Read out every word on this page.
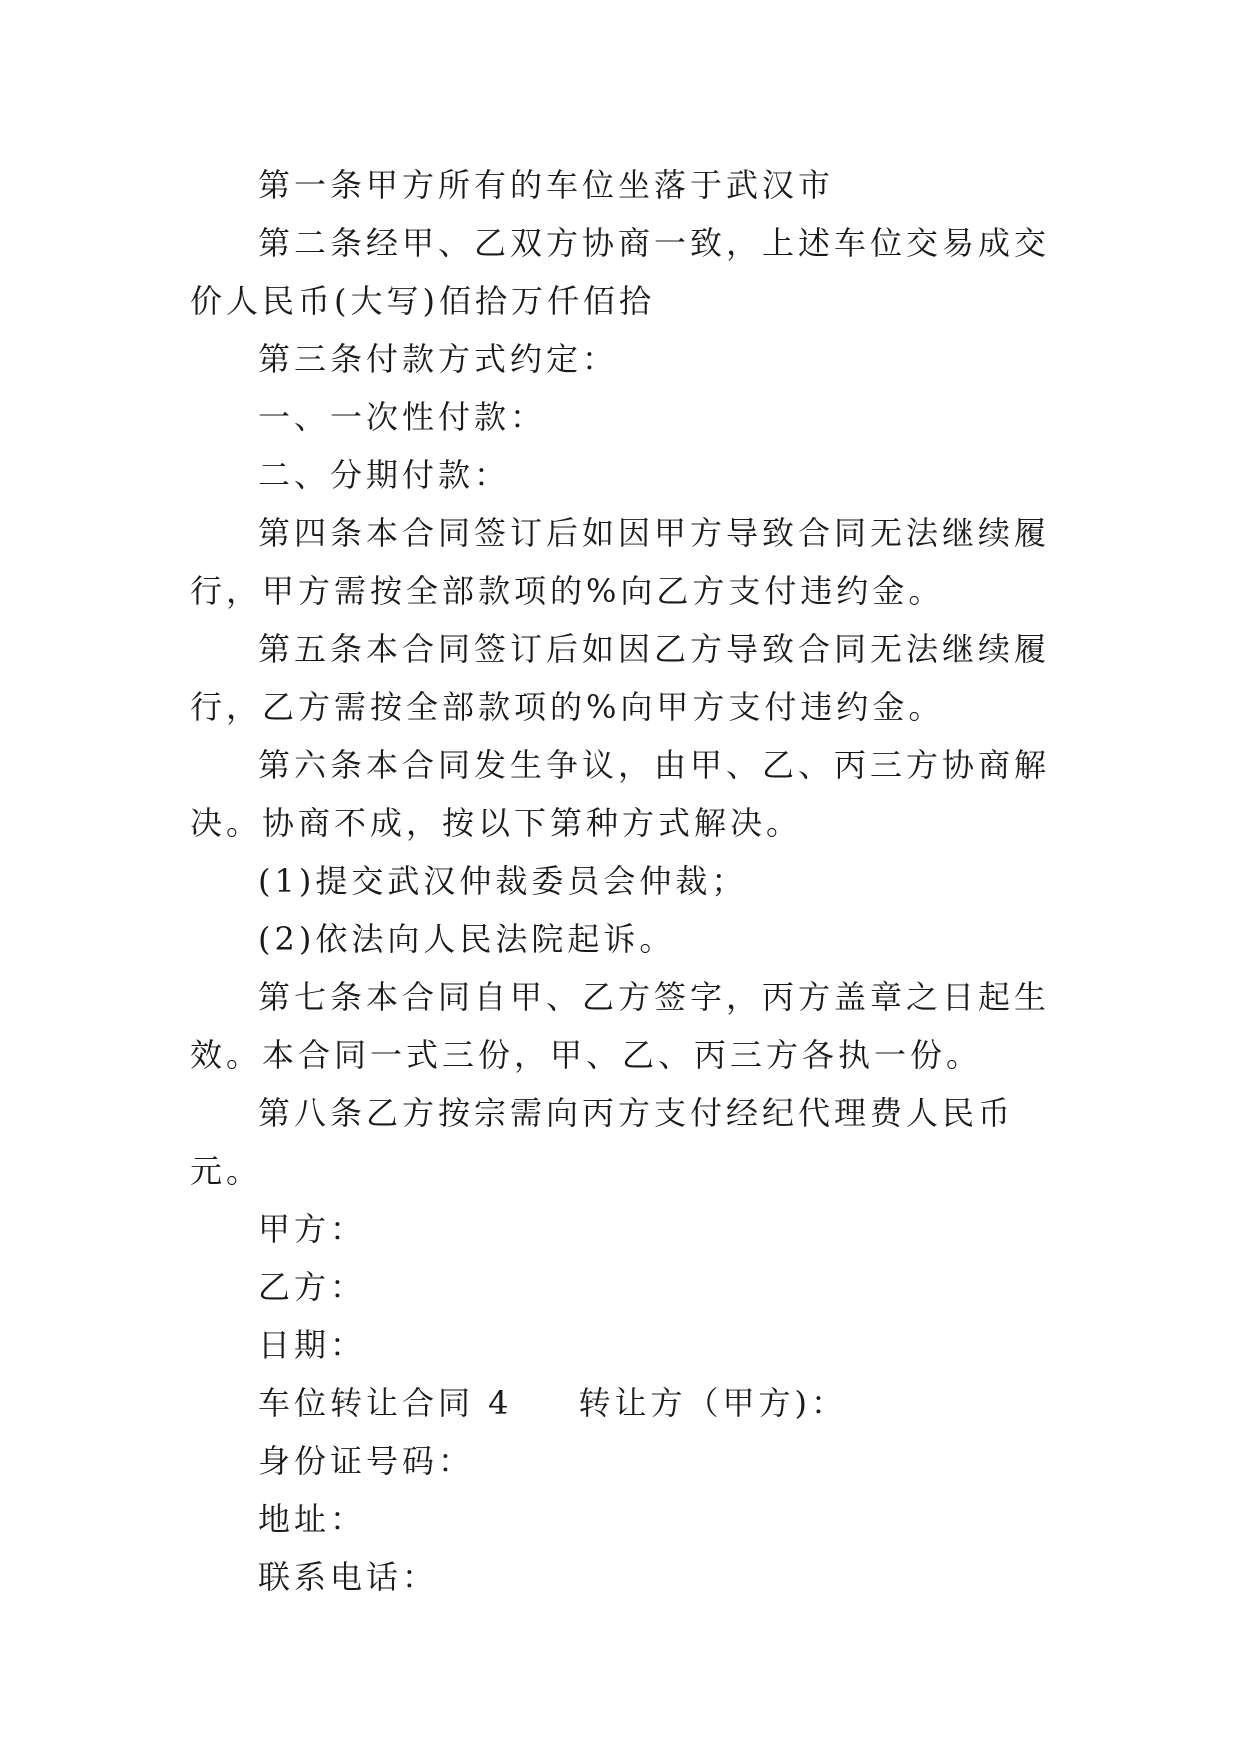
第一条甲方所有的车位坐落于武汉市

第二条经甲、乙双方协商一致，上述车位交易成交价人民币(大写)佰拾万仟佰拾

第三条付款方式约定：

一、一次性付款：

二、分期付款：

第四条本合同签订后如因甲方导致合同无法继续履行，甲方需按全部款项的%向乙方支付违约金。

第五条本合同签订后如因乙方导致合同无法继续履行，乙方需按全部款项的%向甲方支付违约金。

第六条本合同发生争议，由甲、乙、丙三方协商解决。协商不成，按以下第种方式解决。

(1)提交武汉仲裁委员会仲裁；

(2)依法向人民法院起诉。

第七条本合同自甲、乙方签字，丙方盖章之日起生效。本合同一式三份，甲、乙、丙三方各执一份。

第八条乙方按宗需向丙方支付经纪代理费人民币元。

甲方：

乙方：

日期：

车位转让合同 4 转让方（甲方)：

身份证号码：

地址：

联系电话：
